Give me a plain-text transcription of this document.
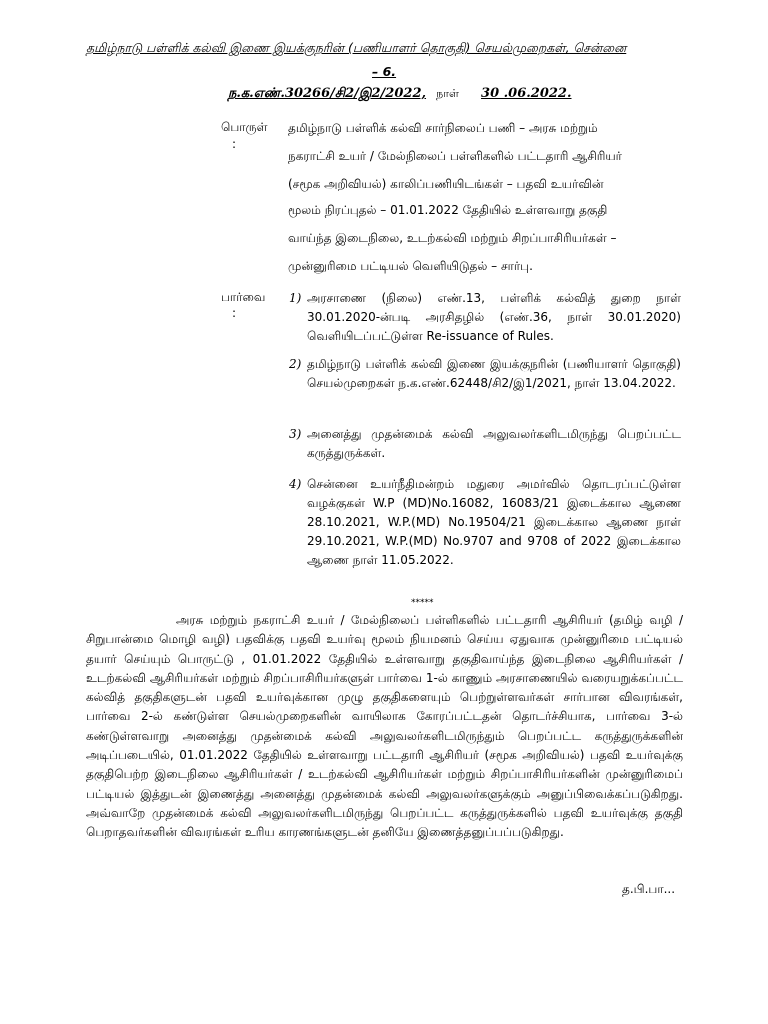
தமிழ்நாடு பள்ளிக் கல்வி இணை இயக்குநரின் (பணியாளர் தொகுதி) செயல்முறைகள், சென்னை
– 6.
ந.க.எண்.30266/சி2/இ2/2022, நாள் 30 .06.2022.
பொருள்
:
தமிழ்நாடு பள்ளிக் கல்வி சார்நிலைப் பணி – அரசு மற்றும்
நகராட்சி உயர் / மேல்நிலைப் பள்ளிகளில் பட்டதாரி ஆசிரியர்
(சமூக அறிவியல்) காலிப்பணியிடங்கள் – பதவி உயர்வின்
மூலம் நிரப்புதல் – 01.01.2022 தேதியில் உள்ளவாறு தகுதி
வாய்ந்த இடைநிலை, உடற்கல்வி மற்றும் சிறப்பாசிரியர்கள் –
முன்னுரிமை பட்டியல் வெளியிடுதல் – சார்பு.
பார்வை
:
1) அரசாணை (நிலை) எண்.13, பள்ளிக் கல்வித் துறை நாள் 30.01.2020-ன்படி அரசிதழில் (எண்.36, நாள் 30.01.2020) வெளியிடப்பட்டுள்ள Re-issuance of Rules.
2) தமிழ்நாடு பள்ளிக் கல்வி இணை இயக்குநரின் (பணியாளர் தொகுதி) செயல்முறைகள் ந.க.எண்.62448/சி2/இ1/2021, நாள் 13.04.2022.
3) அனைத்து முதன்மைக் கல்வி அலுவலர்களிடமிருந்து பெறப்பட்ட கருத்துருக்கள்.
4) சென்னை உயர்நீதிமன்றம் மதுரை அமர்வில் தொடரப்பட்டுள்ள வழக்குகள் W.P (MD)No.16082, 16083/21 இடைக்கால ஆணை 28.10.2021, W.P.(MD) No.19504/21 இடைக்கால ஆணை நாள் 29.10.2021, W.P.(MD) No.9707 and 9708 of 2022 இடைக்கால ஆணை நாள் 11.05.2022.
*****
அரசு மற்றும் நகராட்சி உயர் / மேல்நிலைப் பள்ளிகளில் பட்டதாரி ஆசிரியர் (தமிழ் வழி / சிறுபான்மை மொழி வழி) பதவிக்கு பதவி உயர்வு மூலம் நியமனம் செய்ய ஏதுவாக முன்னுரிமை பட்டியல் தயார் செய்யும் பொருட்டு , 01.01.2022 தேதியில் உள்ளவாறு தகுதிவாய்ந்த இடைநிலை ஆசிரியர்கள் / உடற்கல்வி ஆசிரியர்கள் மற்றும் சிறப்பாசிரியர்களுள் பார்வை 1-ல் காணும் அரசாணையில் வரையறுக்கப்பட்ட கல்வித் தகுதிகளுடன் பதவி உயர்வுக்கான முழு தகுதிகளையும் பெற்றுள்ளவர்கள் சார்பான விவரங்கள், பார்வை 2-ல் கண்டுள்ள செயல்முறைகளின் வாயிலாக கோரப்பட்டதன் தொடர்ச்சியாக, பார்வை 3-ல் கண்டுள்ளவாறு அனைத்து முதன்மைக் கல்வி அலுவலர்களிடமிருந்தும் பெறப்பட்ட கருத்துருக்களின் அடிப்படையில், 01.01.2022 தேதியில் உள்ளவாறு பட்டதாரி ஆசிரியர் (சமூக அறிவியல்) பதவி உயர்வுக்கு தகுதிபெற்ற இடைநிலை ஆசிரியர்கள் / உடற்கல்வி ஆசிரியர்கள் மற்றும் சிறப்பாசிரியர்களின் முன்னுரிமைப் பட்டியல் இத்துடன் இணைத்து அனைத்து முதன்மைக் கல்வி அலுவலர்களுக்கும் அனுப்பிவைக்கப்படுகிறது. அவ்வாறே முதன்மைக் கல்வி அலுவலர்களிடமிருந்து பெறப்பட்ட கருத்துருக்களில் பதவி உயர்வுக்கு தகுதி பெறாதவர்களின் விவரங்கள் உரிய காரணங்களுடன் தனியே இணைத்தனுப்பப்படுகிறது.
த.பி.பா...
